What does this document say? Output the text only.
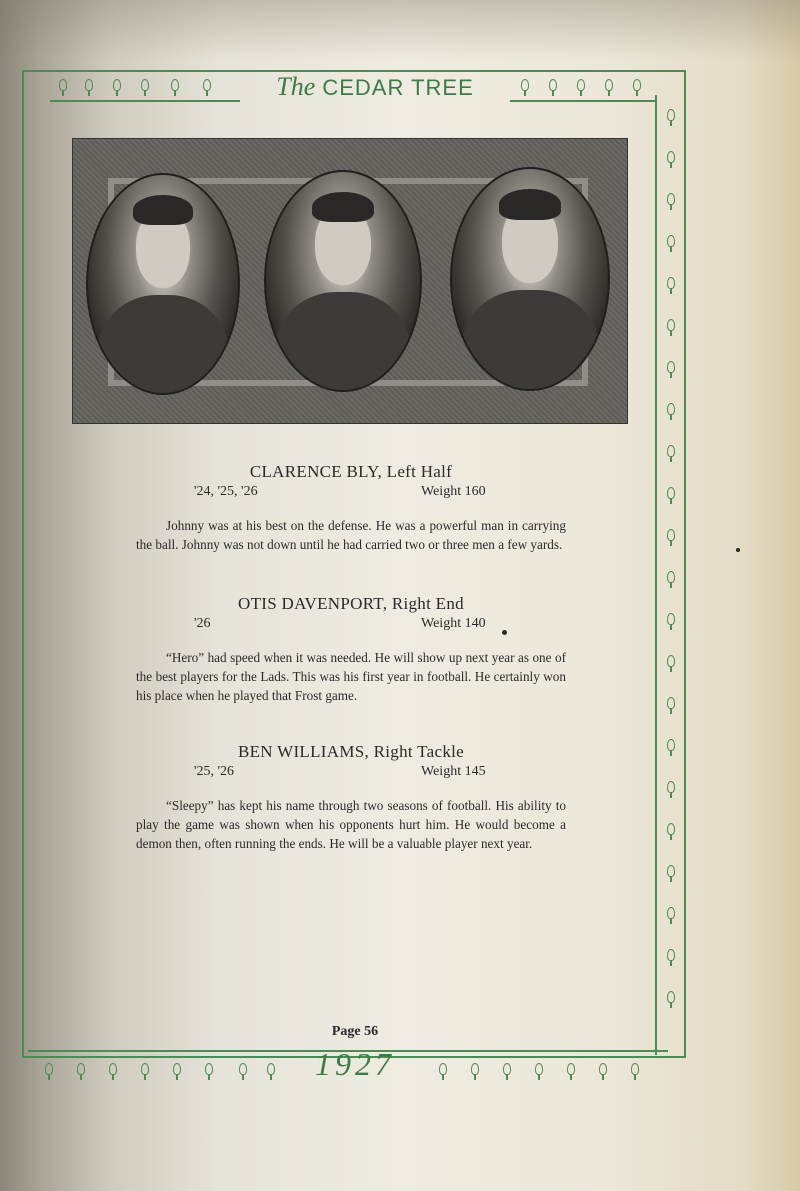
The CEDAR TREE
1927
CLARENCE BLY, Left Half
'24, '25, '26	Weight 160
Johnny was at his best on the defense. He was a powerful man in carrying the ball. Johnny was not down until he had carried two or three men a few yards.
OTIS DAVENPORT, Right End
'26	Weight 140
“Hero” had speed when it was needed. He will show up next year as one of the best players for the Lads. This was his first year in football. He certainly won his place when he played that Frost game.
BEN WILLIAMS, Right Tackle
'25, '26	Weight 145
“Sleepy” has kept his name through two seasons of football. His ability to play the game was shown when his opponents hurt him. He would become a demon then, often running the ends. He will be a valuable player next year.
Page 56
